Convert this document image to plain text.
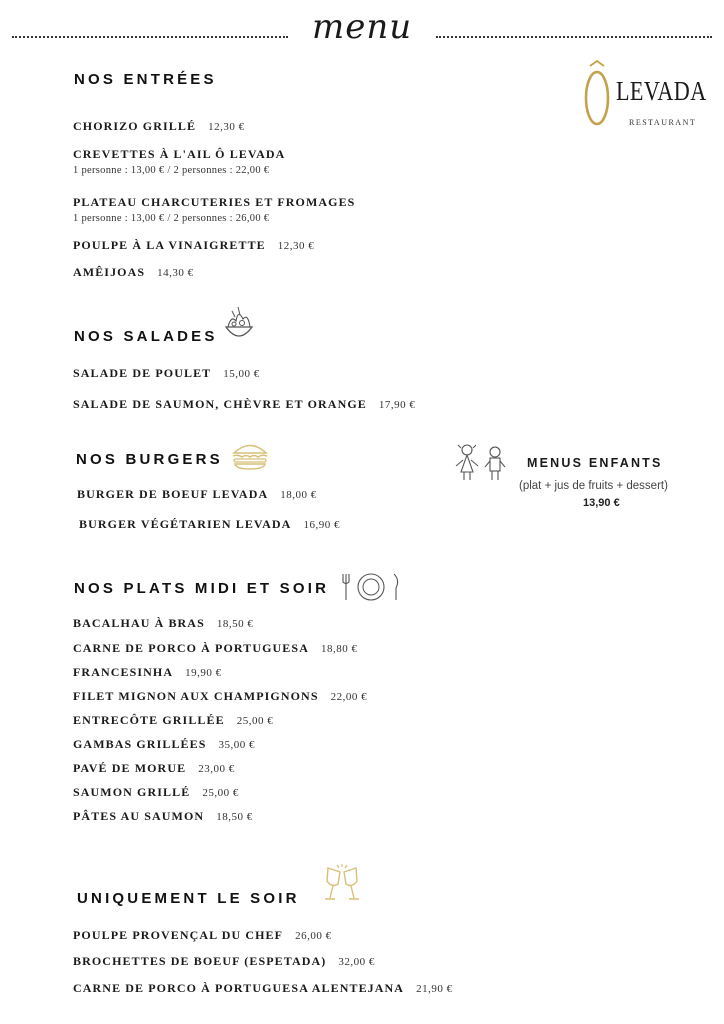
menu
LEVADA
RESTAURANT
NOS ENTRÉES
CHORIZO GRILLÉ 12,30 €
CREVETTES À L'AIL Ô LEVADA
1 personne : 13,00 € / 2 personnes : 22,00 €
PLATEAU CHARCUTERIES ET FROMAGES
1 personne : 13,00 € / 2 personnes : 26,00 €
POULPE À LA VINAIGRETTE 12,30 €
AMÊIJOAS 14,30 €
NOS SALADES
SALADE DE POULET 15,00 €
SALADE DE SAUMON, CHÈVRE ET ORANGE 17,90 €
NOS BURGERS
BURGER DE BOEUF LEVADA 18,00 €
BURGER VÉGÉTARIEN LEVADA 16,90 €
MENUS ENFANTS
(plat + jus de fruits + dessert)
13,90 €
NOS PLATS MIDI ET SOIR
BACALHAU À BRAS 18,50 €
CARNE DE PORCO À PORTUGUESA 18,80 €
FRANCESINHA 19,90 €
FILET MIGNON AUX CHAMPIGNONS 22,00 €
ENTRECÔTE GRILLÉE 25,00 €
GAMBAS GRILLÉES 35,00 €
PAVÉ DE MORUE 23,00 €
SAUMON GRILLÉ 25,00 €
PÂTES AU SAUMON 18,50 €
UNIQUEMENT LE SOIR
POULPE PROVENÇAL DU CHEF 26,00 €
BROCHETTES DE BOEUF (ESPETADA) 32,00 €
CARNE DE PORCO À PORTUGUESA ALENTEJANA 21,90 €
